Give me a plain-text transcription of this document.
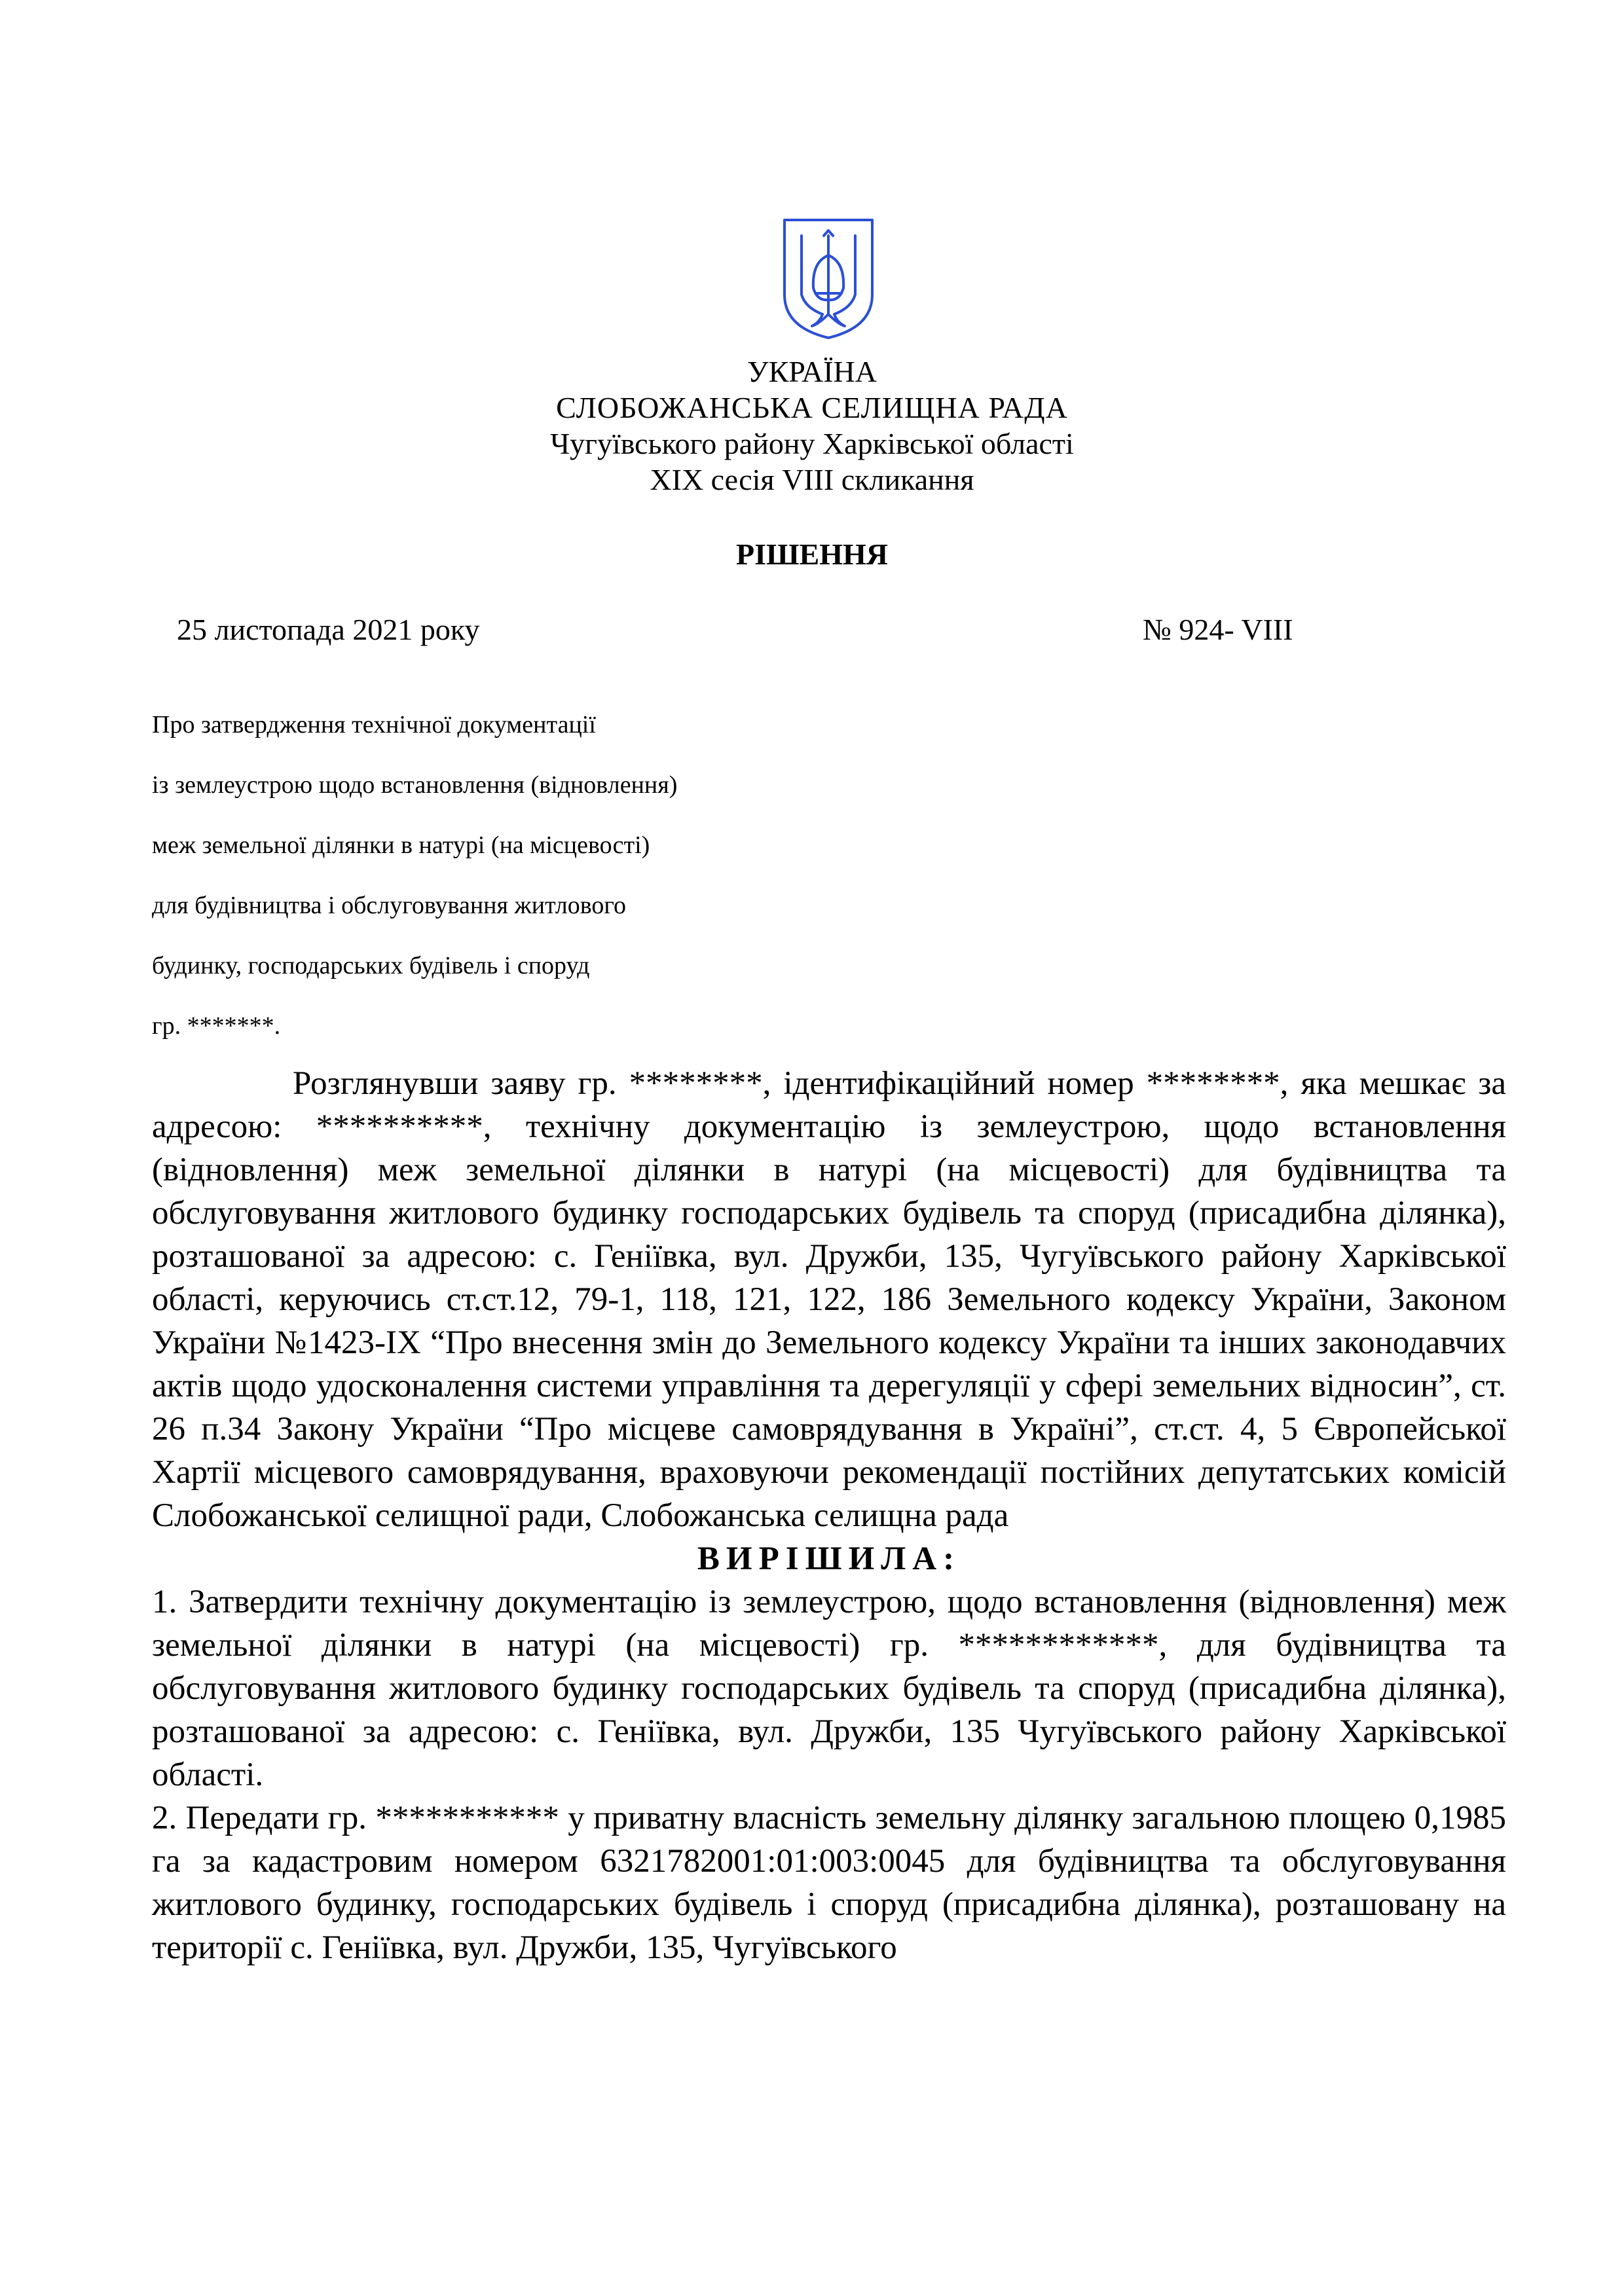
УКРАЇНА
СЛОБОЖАНСЬКА СЕЛИЩНА РАДА
Чугуївського району Харківської області
XIX сесія VIII скликання
РІШЕННЯ
25 листопада 2021 року	№ 924- VIII
Про затвердження технічної документації
із землеустрою щодо встановлення (відновлення)
меж земельної ділянки в натурі (на місцевості)
для будівництва і обслуговування житлового
будинку, господарських будівель і споруд
гр. *******.

Розглянувши заяву гр. ********, ідентифікаційний номер ********, яка мешкає за адресою: **********, технічну документацію із землеустрою, щодо встановлення (відновлення) меж земельної ділянки в натурі (на місцевості) для будівництва та обслуговування житлового будинку господарських будівель та споруд (присадибна ділянка), розташованої за адресою: с. Геніївка, вул. Дружби, 135, Чугуївського району Харківської області, керуючись ст.ст.12, 79-1, 118, 121, 122, 186 Земельного кодексу України, Законом України №1423-IX “Про внесення змін до Земельного кодексу України та інших законодавчих актів щодо удосконалення системи управління та дерегуляції у сфері земельних відносин”, ст. 26 п.34 Закону України “Про місцеве самоврядування в Україні”, ст.ст. 4, 5 Європейської Хартії місцевого самоврядування, враховуючи рекомендації постійних депутатських комісій Слобожанської селищної ради, Слобожанська селищна рада

ВИРІШИЛА:

1. Затвердити технічну документацію із землеустрою, щодо встановлення (відновлення) меж земельної ділянки в натурі (на місцевості) гр. ************, для будівництва та обслуговування житлового будинку господарських будівель та споруд (присадибна ділянка), розташованої за адресою: с. Геніївка, вул. Дружби, 135 Чугуївського району Харківської області.

2. Передати гр. *********** у приватну власність земельну ділянку загальною площею 0,1985 га за кадастровим номером 6321782001:01:003:0045 для будівництва та обслуговування житлового будинку, господарських будівель і споруд (присадибна ділянка), розташовану на території с. Геніївка, вул. Дружби, 135, Чугуївського
